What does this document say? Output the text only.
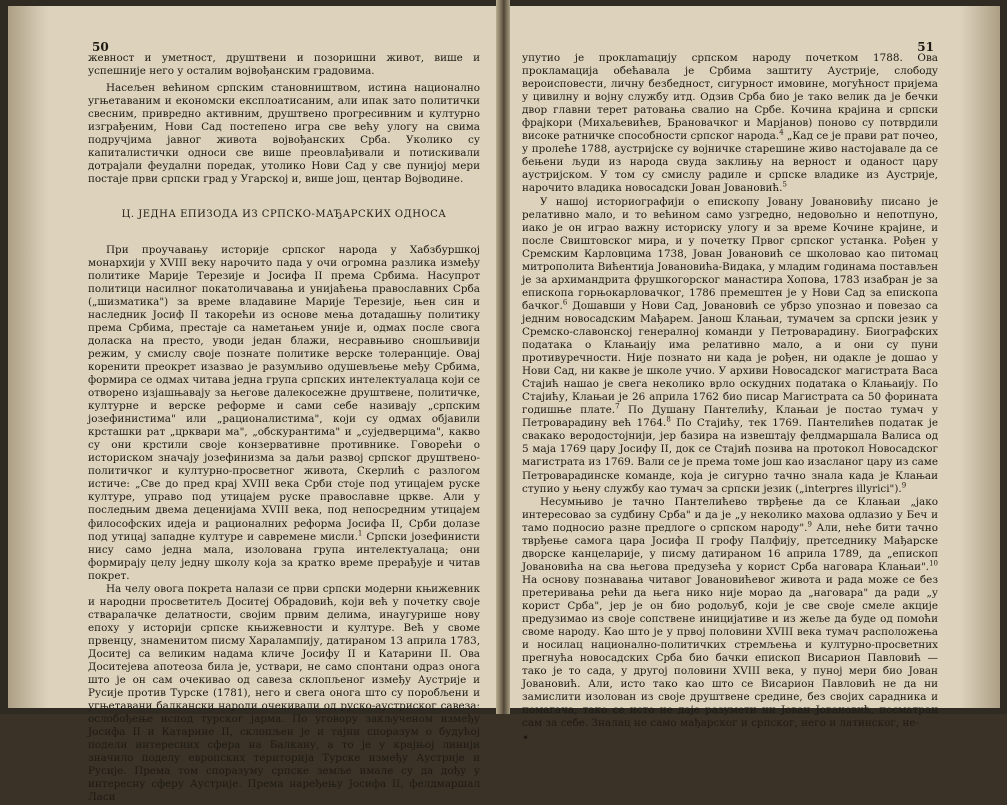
50

жевност и уметност, друштвени и позоришни живот, више и успешније него у осталим војвођанским градовима.

Насељен већином српским становништвом, истина национално угњетаваним и економски експлоатисаним, али ипак зато политички свесним, привредно активним, друштвено прогресивним и културно изграђеним, Нови Сад постепено игра све већу улогу на свима подручјима јавног живота војвођанских Срба. Уколико су капиталистички односи све више преовлађивали и потискивали дотрајали феудални поредак, утолико Нови Сад у све пунијој мери постаје први српски град у Угарској и, више још, центар Војводине.

Ц. ЈЕДНА ЕПИЗОДА ИЗ СРПСКО-МАЂАРСКИХ ОДНОСА

При проучавању историје српског народа у Хабзбуршкој монархији у XVIII веку нарочито пада у очи огромна разлика између политике Марије Терезије и Јосифа II према Србима. Насупрот политици насилног покатоличавања и унијаћења православних Срба („шизматика") за време владавине Марије Терезије, њен син и наследник Јосиф II такорећи из основе мења дотадашњу политику према Србима, престаје са наметањем уније и, одмах после свога доласка на престо, уводи један блажи, несравњиво сношљивији режим, у смислу своје познате политике верске толеранције. Овај коренити преокрет изазвао је разумљиво одушевљење међу Србима, формира се одмах читава једна група српских интелектуалаца који се отворено изјашњавају за његове далекосежне друштвене, политичке, културне и верске реформе и сами себе називају „српским јозефинистима" или „рационалистима", који су одмах објавили крсташки рат „црквари ма", „обскурантима" и „суједверцима", какво су они крстили своје конзервативне противнике. Говорећи о историском значају јозефинизма за даљи развој српског друштвено-политичког и културно-просветног живота, Скерлић с разлогом истиче: „Све до пред крај XVIII века Срби стоје под утицајем руске културе, управо под утицајем руске православне цркве. Али у последњим двема деценијама XVIII века, под непосредним утицајем философских идеја и рационалних реформа Јосифа II, Срби долазе под утицај западне културе и савремене мисли.$^1$ Српски јозефинисти нису само једна мала, изолована група интелектуалаца; они формирају целу једну школу која за кратко време прерађује и читав покрет.

На челу овога покрета налази се први српски модерни књижевник и народни просветитељ Доситеј Обрадовић, који већ у почетку своје стваралачке делатности, својим првим делима, инаугурише нову епоху у историји српске књижевности и културе. Већ у своме првенцу, знаменитом писму Харалампију, датираном 13 априла 1783, Доситеј са великим надама кличе Јосифу II и Катарини II. Ова Доситејева апотеоза била је, уствари, не само спонтани одраз онога што је он сам очекивао од савеза склопљеног између Аустрије и Русије против Турске (1781), него и свега онога што су поробљени и угњетавани балкански народи очекивали од руско-аустриског савеза: ослобођење испод турског јарма. По уговору закљученом између Јосифа II и Катарине II, склопљен је и тајни споразум о будућој подели интересних сфера на Балкану, а то је у крајњој линији значило поделу европских територија Турске између Аустрије и Русије. Према том споразуму српске земље имале су да дођу у интересну сферу Аустрије. Према наређењу Јосифа II, фелдмаршал Ласи

51

упутио је проклamaцију српском народу почетком 1788. Ова прокламација обећавала је Србима заштиту Аустрије, слободу вероисповести, личну безбедност, сигурност имовине, могућност пријема у цивилну и војну службу итд. Одзив Срба био је тако велик да је бечки двор главни терет ратовања свалио на Србе. Кочина крајина и српски фрајкори (Михаљевићев, Брановачког и Марјанов) поново су потврдили високе ратничке способности српског народа.$^4$ „Кад се је прави рат почео, у пролеће 1788, аустријске су војничке старешине живо настојавале да се бењени људи из народа свуда заклињу на верност и оданост цару аустријском. У том су смислу радиле и српске владике из Аустрије, нарочито владика новосадски Јован Јовановић.$^5$

У нашој историографији о епископу Јовану Јовановићу писано је релативно мало, и то већином само узгредно, недовољно и непотпуно, иако је он играо важну историску улогу и за време Кочине крајине, и после Свиштовског мира, и у почетку Првог српског устанка. Рођен у Сремским Карловцима 1738, Јован Јовановић се школовао као питомац митрополита Вићентија Јовановића-Видака, у младим годинама постављен је за архимандрита фрушкогорског манастира Хопова, 1783 изабран је за епископа горњокарловачког, 1786 премештен је у Нови Сад за епископа бачког.$^6$ Дошавши у Нови Сад, Јовановић се убрзо упознао и повезао са једним новосадским Мађарем. Јанош Клањаи, тумачем за српски језик у Сремско-славонској генералној команди у Петроварадину. Биографских података о Клањаију има релативно мало, а и они су пуни противуречности. Није познато ни када је рођен, ни одакле је дошао у Нови Сад, ни какве је школе учио. У архиви Новосадског магистрата Васа Стајић нашао је свега неколико врло оскудних података о Клањаију. По Стајићу, Клањаи је 26 априла 1762 био писар Магистрата са 50 форината годишње плате.$^7$ По Душану Пантелићу, Клањаи је постао тумач у Петроварадину већ 1764.$^8$ По Стајићу, тек 1769. Пантелићев податак је свакако веродостојнији, јер базира на извештају фелдмаршала Валиса од 5 маја 1769 цару Јосифу II, док се Стајић позива на протокол Новосадског магистрата из 1769. Вали се је према томе још као изасланог цару из саме Петроварадинске команде, која је сигурно тачно знала када је Клањаи ступио у њену службу као тумач за српски језик („interpres illyrici").$^9$

Несумњиво је тачно Пантелићево тврђење да се Клањаи „јако интересовао за судбину Срба" и да је „у неколико махова одлазио у Беч и тамо подносио разне предлоге о српском народу".$^9$ Али, нећe бити тачно тврђење самога цара Јосифа II грофу Палфију, претседнику Мађарске дворске канцеларије, у писму датираном 16 априла 1789, да „епископ Јовановића на сва његова предузећа у корист Срба наговара Клањаи".$^{10}$ На основу познавања читавог Јовановићевог живота и рада може се без претеривања рећи да њега нико није морао да „наговара" да ради „у корист Срба", јер је он био родољуб, који је све своје смеле акције предузимао из своје сопствене иницијативе и из жеље да буде од помоћи своме народу. Као што је у првој половини XVIII века тумач расположења и носилац национално-политичких стремљења и културно-просветних прегнућа новосадских Срба био бачки епископ Висарион Павловић — тако је то сада, у другој половини XVIII века, у пуној мери био Јован Јовановић. Али, исто тако као што се Висарион Павловић не да ни замислити изолован из своје друштвене средине, без својих сарадника и помагача, тако се исто не даје разумети ни Јован Јовановић, посматран сам за себе. Зналац не само мађарског и српског, него и латинског, не-

•
